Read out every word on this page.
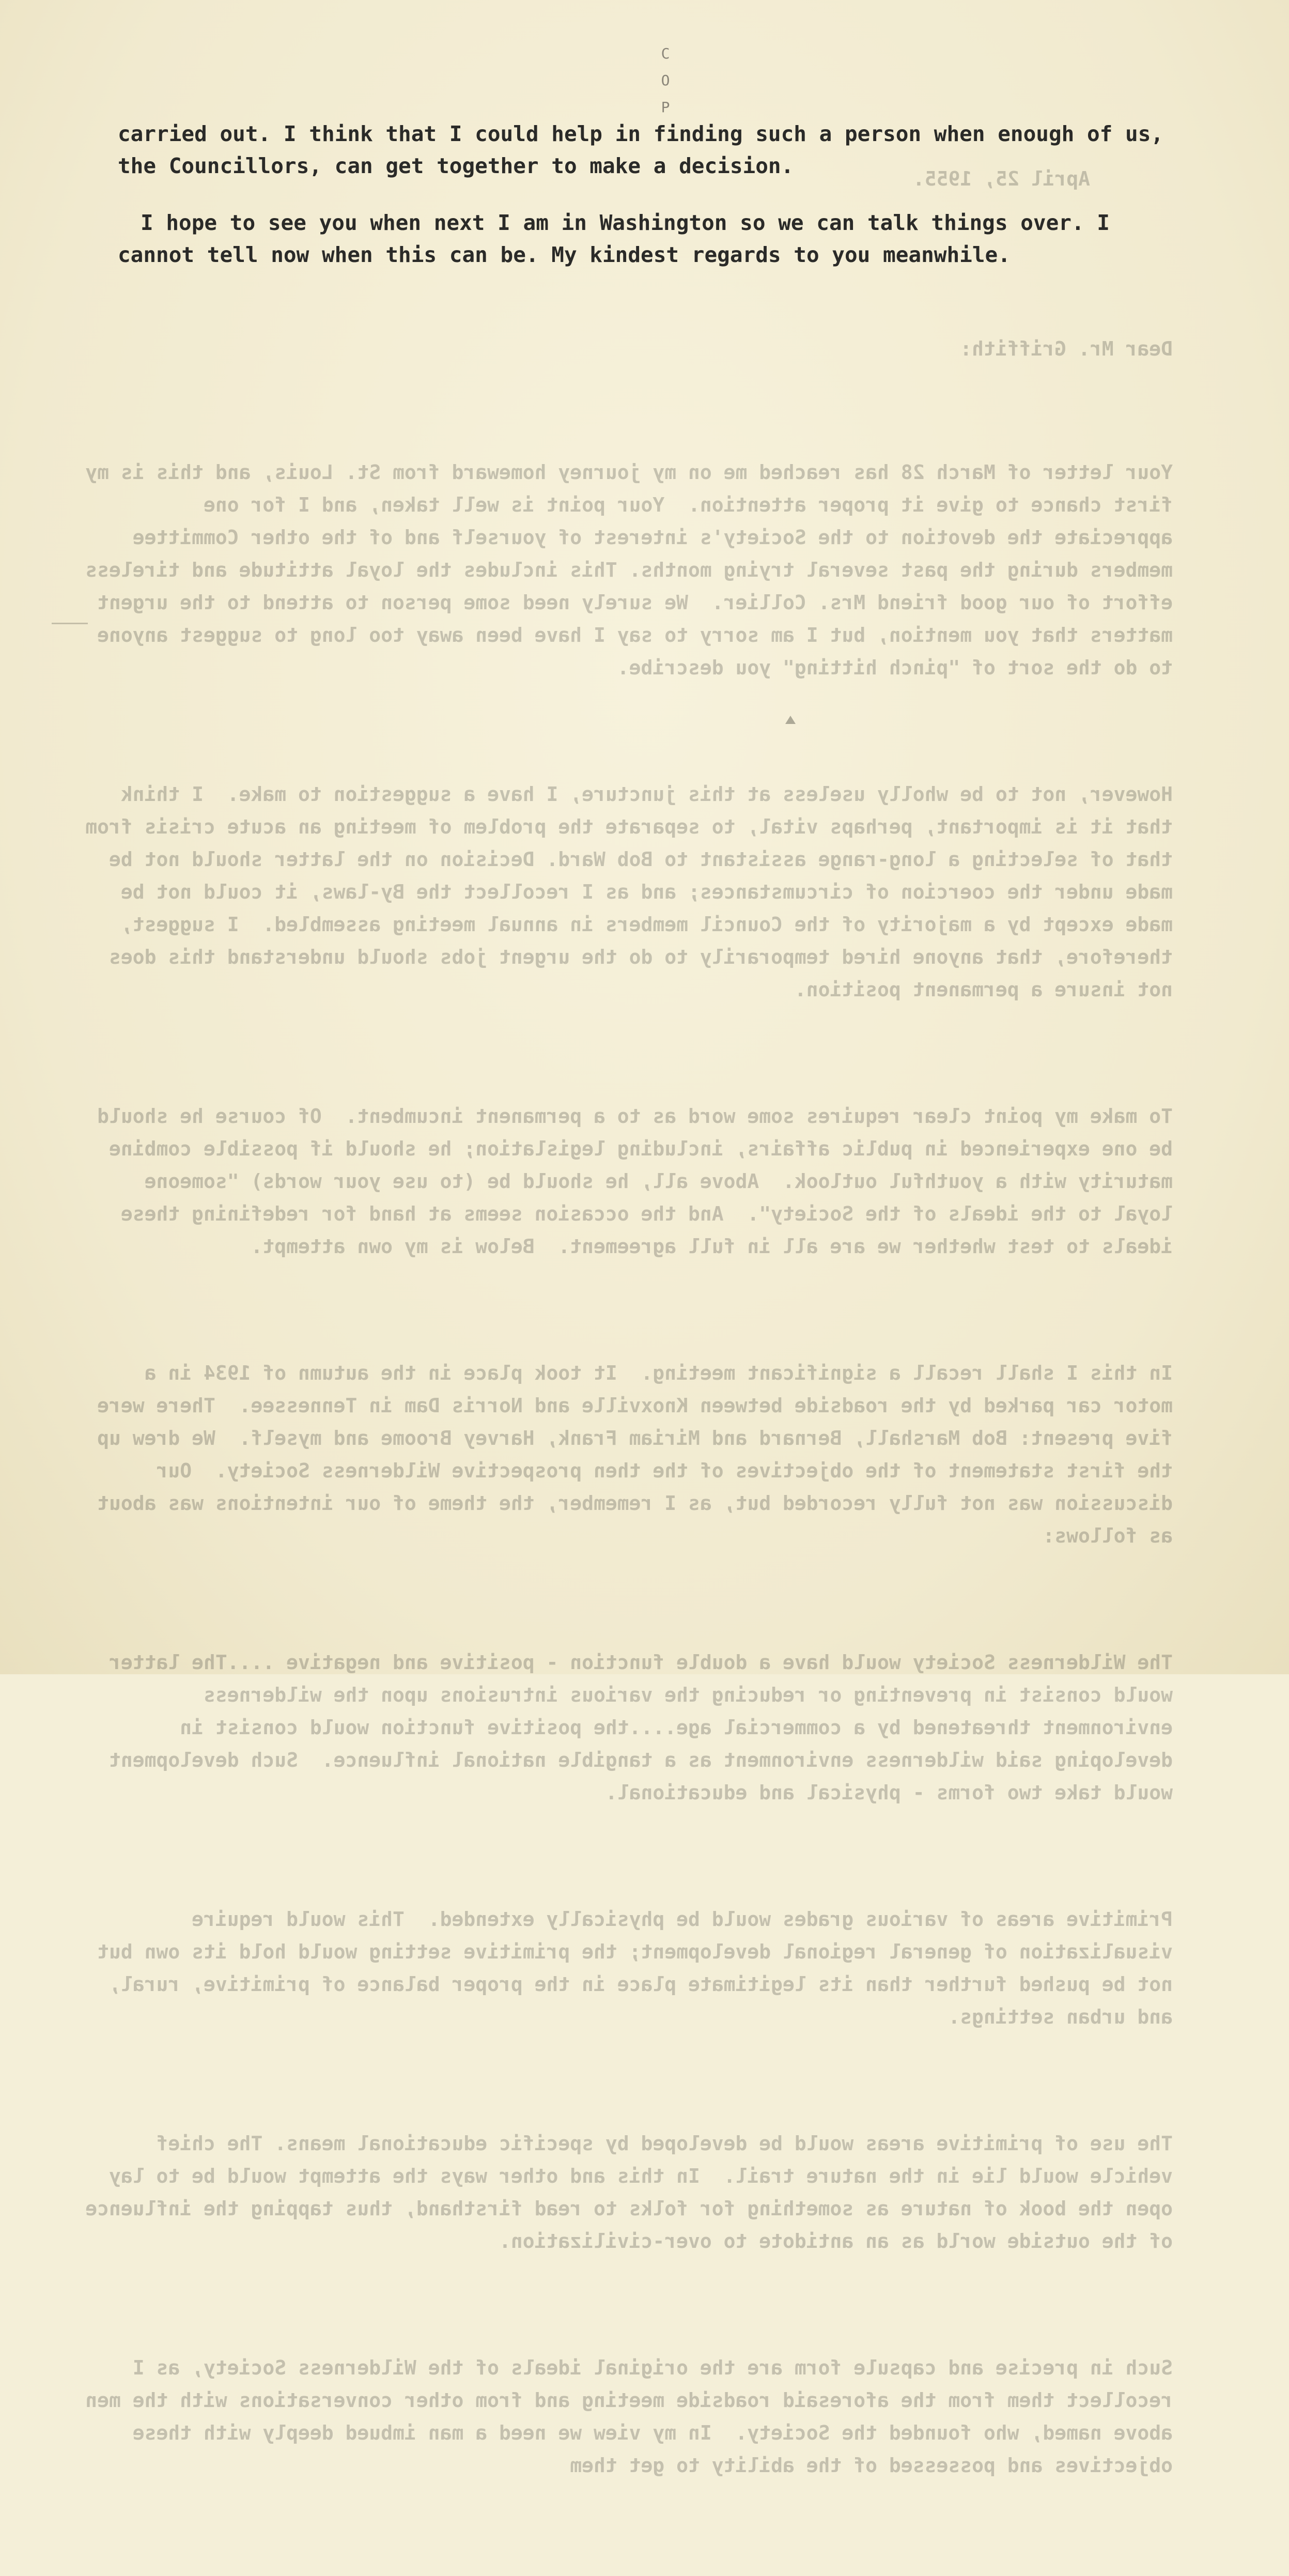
C
O
P

carried out. I think that I could help in finding such a person when enough of us,

the Councillors, can get together to make a decision.

I hope to see you when next I am in Washington so we can talk things over. I

cannot tell now when this can be. My kindest regards to you meanwhile.

April 25, 1955.

Dear Mr. Griffith:

Your letter of March 28 has reached me on my journey homeward from St. Louis, and this is my first chance to give it proper attention.  Your point is well taken, and I for one appreciate the devotion to the Society's interest of yourself and of the other Committee members during the past several trying months. This includes the loyal attitude and tireless effort of our good friend Mrs. Collier.  We surely need some person to attend to the urgent matters that you mention, but I am sorry to say I have been away too long to suggest anyone to do the sort of "pinch hitting" you describe.

However, not to be wholly useless at this juncture, I have a suggestion to make.  I think that it is important, perhaps vital, to separate the problem of meeting an acute crisis from that of selecting a long-range assistant to Bob Ward. Decision on the latter should not be made under the coercion of circumstances; and as I recollect the By-laws, it could not be made except by a majority of the Council members in annual meeting assembled.  I suggest, therefore, that anyone hired temporarily to do the urgent jobs should understand this does not insure a permanent position.

To make my point clear requires some word as to a permanent incumbent.  Of course he should be one experienced in public affairs, including legislation; he should if possible combine maturity with a youthful outlook.  Above all, he should be (to use your words) "someone loyal to the ideals of the Society".  And the occasion seems at hand for redefining these ideals to test whether we are all in full agreement.  Below is my own attempt.

In this I shall recall a significant meeting.  It took place in the autumn of 1934 in a motor car parked by the roadside between Knoxville and Norris Dam in Tennessee.  There were five present: Bob Marshall, Bernard and Miriam Frank, Harvey Broome and myself.  We drew up the first statement of the objectives of the then prospective Wilderness Society.  Our discussion was not fully recorded but, as I remember, the theme of our intentions was about as follows:

The Wilderness Society would have a double function - positive and negative ....The latter would consist in preventing or reducing the various intrusions upon the wilderness environment threatened by a commercial age....the positive function would consist in developing said wilderness environment as a tangible national influence.  Such development would take two forms - physical and educational.

Primitive areas of various grades would be physically extended.  This would require visualization of general regional development; the primitive setting would hold its own but not be pushed further than its legitimate place in the proper balance of primitive, rural, and urban settings.

The use of primitive areas would be developed by specific educational means. The chief vehicle would lie in the nature trail.  In this and other ways the attempt would be to lay open the book of nature as something for folks to read firsthand, thus tapping the influence of the outside world as an antidote to over-civilization.

Such in precise and capsule form are the original ideals of the Wilderness Society, as I recollect them from the aforesaid roadside meeting and from other conversations with the men above named, who founded the Society.  In my view we need a man imbued deeply with these objectives and possessed of the ability to get them
